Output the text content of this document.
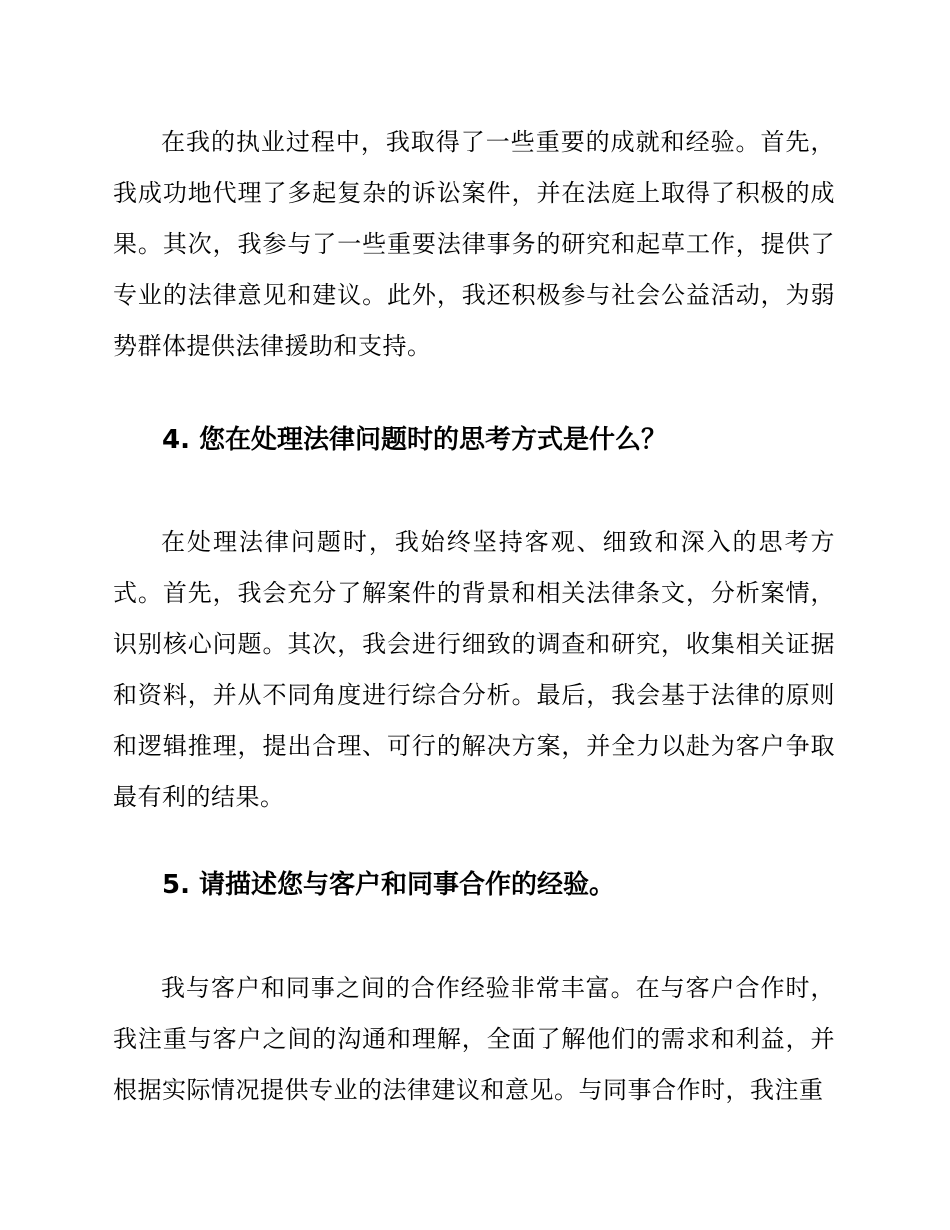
在我的执业过程中，我取得了一些重要的成就和经验。首先，我成功地代理了多起复杂的诉讼案件，并在法庭上取得了积极的成果。其次，我参与了一些重要法律事务的研究和起草工作，提供了专业的法律意见和建议。此外，我还积极参与社会公益活动，为弱势群体提供法律援助和支持。

4. 您在处理法律问题时的思考方式是什么？

在处理法律问题时，我始终坚持客观、细致和深入的思考方式。首先，我会充分了解案件的背景和相关法律条文，分析案情，识别核心问题。其次，我会进行细致的调查和研究，收集相关证据和资料，并从不同角度进行综合分析。最后，我会基于法律的原则和逻辑推理，提出合理、可行的解决方案，并全力以赴为客户争取最有利的结果。

5. 请描述您与客户和同事合作的经验。

我与客户和同事之间的合作经验非常丰富。在与客户合作时，我注重与客户之间的沟通和理解，全面了解他们的需求和利益，并根据实际情况提供专业的法律建议和意见。与同事合作时，我注重
